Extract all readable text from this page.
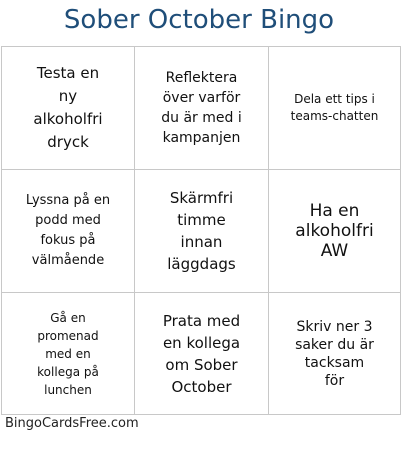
Sober October Bingo
Testa en
ny
alkoholfri
dryck
Reflektera
över varför
du är med i
kampanjen
Dela ett tips i
teams-chatten
Lyssna på en
podd med
fokus på
välmående
Skärmfri
timme
innan
läggdags
Ha en
alkoholfri
AW
Gå en
promenad
med en
kollega på
lunchen
Prata med
en kollega
om Sober
October
Skriv ner 3
saker du är
tacksam
för
BingoCardsFree.com
